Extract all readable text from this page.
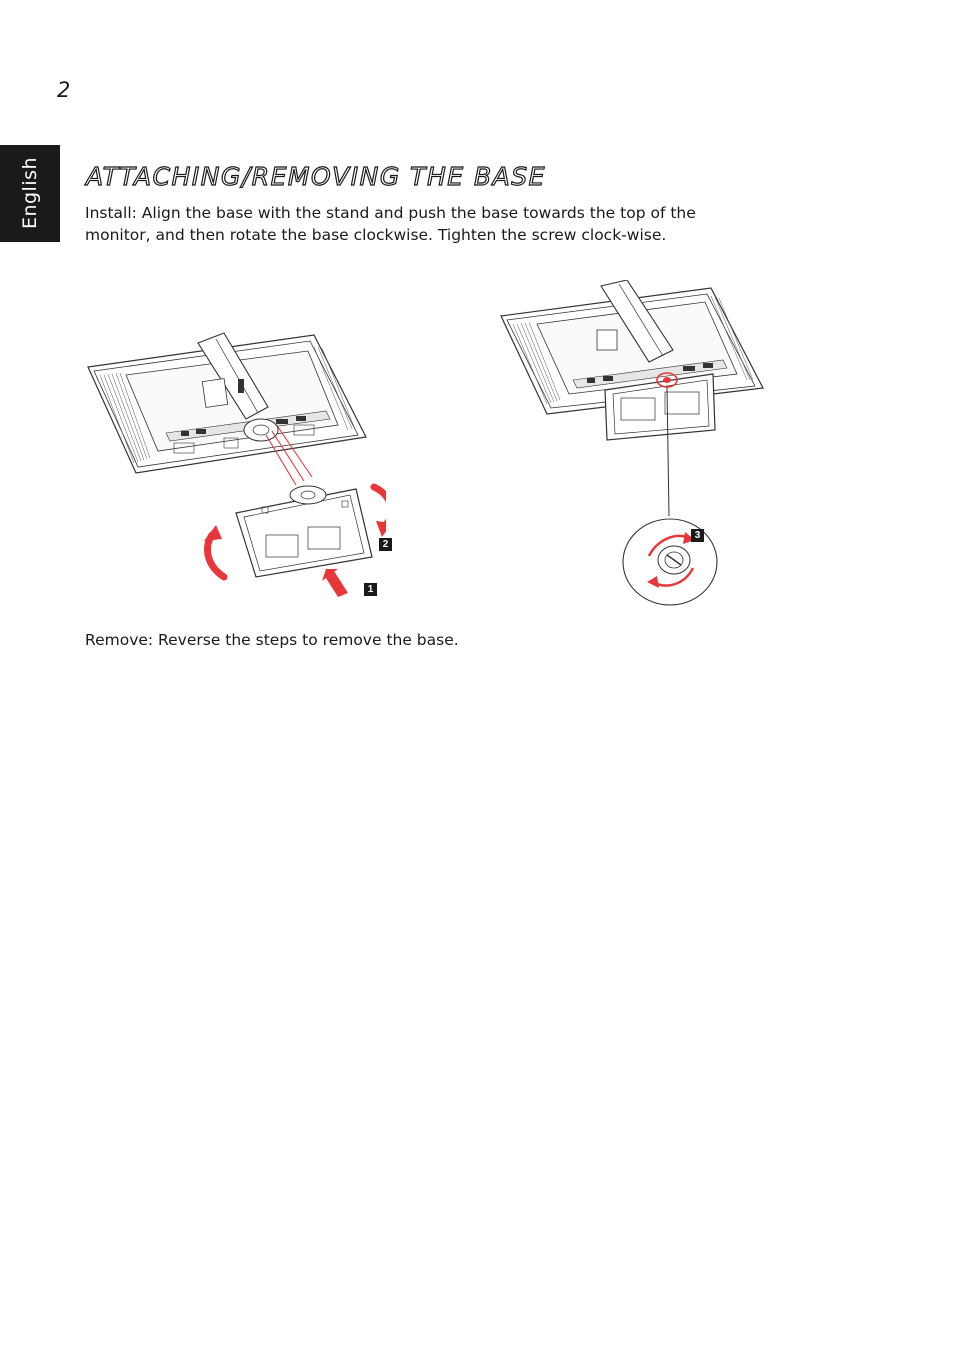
2
English ATTACHING/REMOVING THE BASE

Install: Align the base with the stand and push the base towards the top of the monitor, and then rotate the base clockwise. Tighten the screw clock-wise.

2
1
3

Remove: Reverse the steps to remove the base.
